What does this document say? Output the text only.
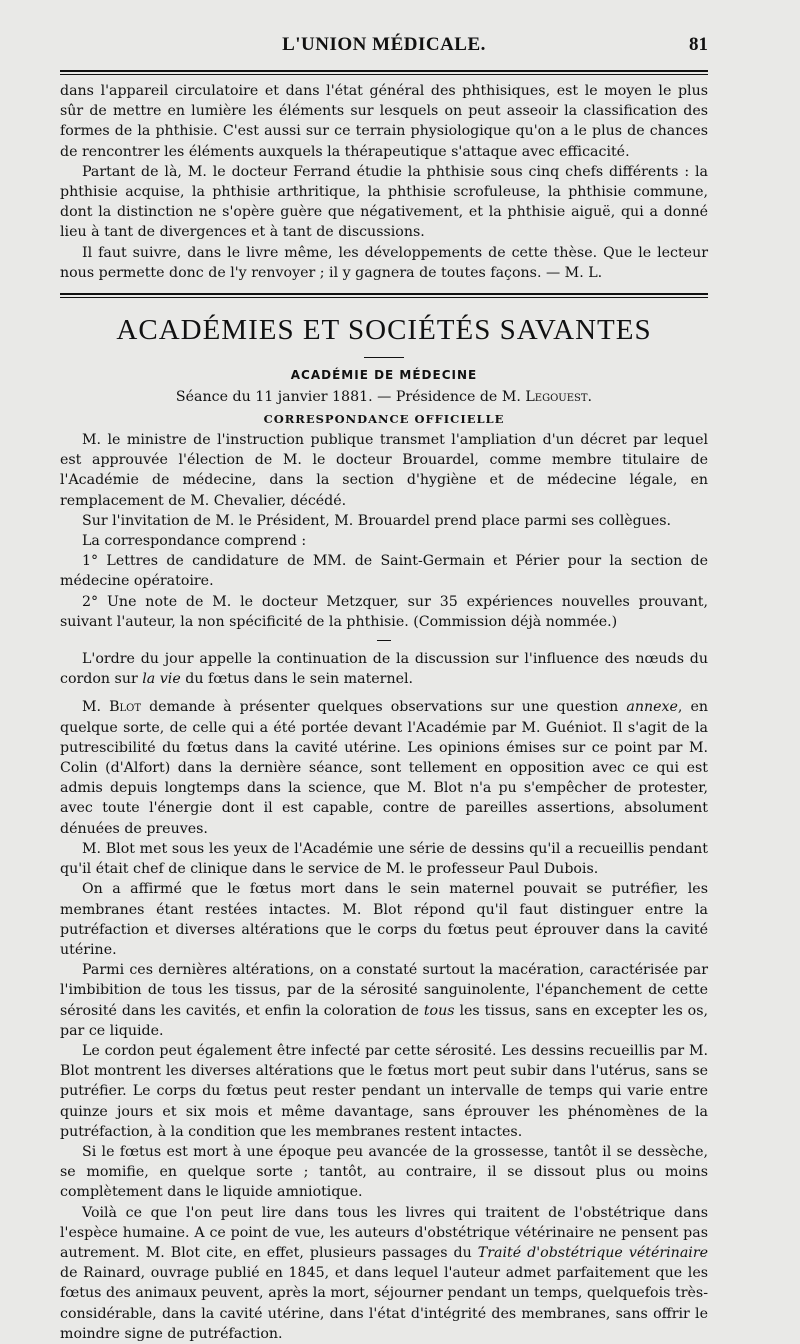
L'UNION MÉDICALE.	81

dans l'appareil circulatoire et dans l'état général des phthisiques, est le moyen le plus sûr de mettre en lumière les éléments sur lesquels on peut asseoir la classification des formes de la phthisie. C'est aussi sur ce terrain physiologique qu'on a le plus de chances de rencontrer les éléments auxquels la thérapeutique s'attaque avec efficacité.

Partant de là, M. le docteur Ferrand étudie la phthisie sous cinq chefs différents : la phthisie acquise, la phthisie arthritique, la phthisie scrofuleuse, la phthisie commune, dont la distinction ne s'opère guère que négativement, et la phthisie aiguë, qui a donné lieu à tant de divergences et à tant de discussions.

Il faut suivre, dans le livre même, les développements de cette thèse. Que le lecteur nous permette donc de l'y renvoyer ; il y gagnera de toutes façons. — M. L.

ACADÉMIES ET SOCIÉTÉS SAVANTES
ACADÉMIE DE MÉDECINE
Séance du 11 janvier 1881. — Présidence de M. Legouest.
CORRESPONDANCE OFFICIELLE

M. le ministre de l'instruction publique transmet l'ampliation d'un décret par lequel est approuvée l'élection de M. le docteur Brouardel, comme membre titulaire de l'Académie de médecine, dans la section d'hygiène et de médecine légale, en remplacement de M. Chevalier, décédé.

Sur l'invitation de M. le Président, M. Brouardel prend place parmi ses collègues.

La correspondance comprend :

1° Lettres de candidature de MM. de Saint-Germain et Périer pour la section de médecine opératoire.

2° Une note de M. le docteur Metzquer, sur 35 expériences nouvelles prouvant, suivant l'auteur, la non spécificité de la phthisie. (Commission déjà nommée.)

L'ordre du jour appelle la continuation de la discussion sur l'influence des nœuds du cordon sur la vie du fœtus dans le sein maternel.

M. Blot demande à présenter quelques observations sur une question annexe, en quelque sorte, de celle qui a été portée devant l'Académie par M. Guéniot. Il s'agit de la putrescibilité du fœtus dans la cavité utérine. Les opinions émises sur ce point par M. Colin (d'Alfort) dans la dernière séance, sont tellement en opposition avec ce qui est admis depuis longtemps dans la science, que M. Blot n'a pu s'empêcher de protester, avec toute l'énergie dont il est capable, contre de pareilles assertions, absolument dénuées de preuves.

M. Blot met sous les yeux de l'Académie une série de dessins qu'il a recueillis pendant qu'il était chef de clinique dans le service de M. le professeur Paul Dubois.

On a affirmé que le fœtus mort dans le sein maternel pouvait se putréfier, les membranes étant restées intactes. M. Blot répond qu'il faut distinguer entre la putréfaction et diverses altérations que le corps du fœtus peut éprouver dans la cavité utérine.

Parmi ces dernières altérations, on a constaté surtout la macération, caractérisée par l'imbibition de tous les tissus, par de la sérosité sanguinolente, l'épanchement de cette sérosité dans les cavités, et enfin la coloration de tous les tissus, sans en excepter les os, par ce liquide.

Le cordon peut également être infecté par cette sérosité. Les dessins recueillis par M. Blot montrent les diverses altérations que le fœtus mort peut subir dans l'utérus, sans se putréfier. Le corps du fœtus peut rester pendant un intervalle de temps qui varie entre quinze jours et six mois et même davantage, sans éprouver les phénomènes de la putréfaction, à la condition que les membranes restent intactes.

Si le fœtus est mort à une époque peu avancée de la grossesse, tantôt il se dessèche, se momifie, en quelque sorte ; tantôt, au contraire, il se dissout plus ou moins complètement dans le liquide amniotique.

Voilà ce que l'on peut lire dans tous les livres qui traitent de l'obstétrique dans l'espèce humaine. A ce point de vue, les auteurs d'obstétrique vétérinaire ne pensent pas autrement. M. Blot cite, en effet, plusieurs passages du Traité d'obstétrique vétérinaire de Rainard, ouvrage publié en 1845, et dans lequel l'auteur admet parfaitement que les fœtus des animaux peuvent, après la mort, séjourner pendant un temps, quelquefois très-considérable, dans la cavité utérine, dans l'état d'intégrité des membranes, sans offrir le moindre signe de putréfaction.
